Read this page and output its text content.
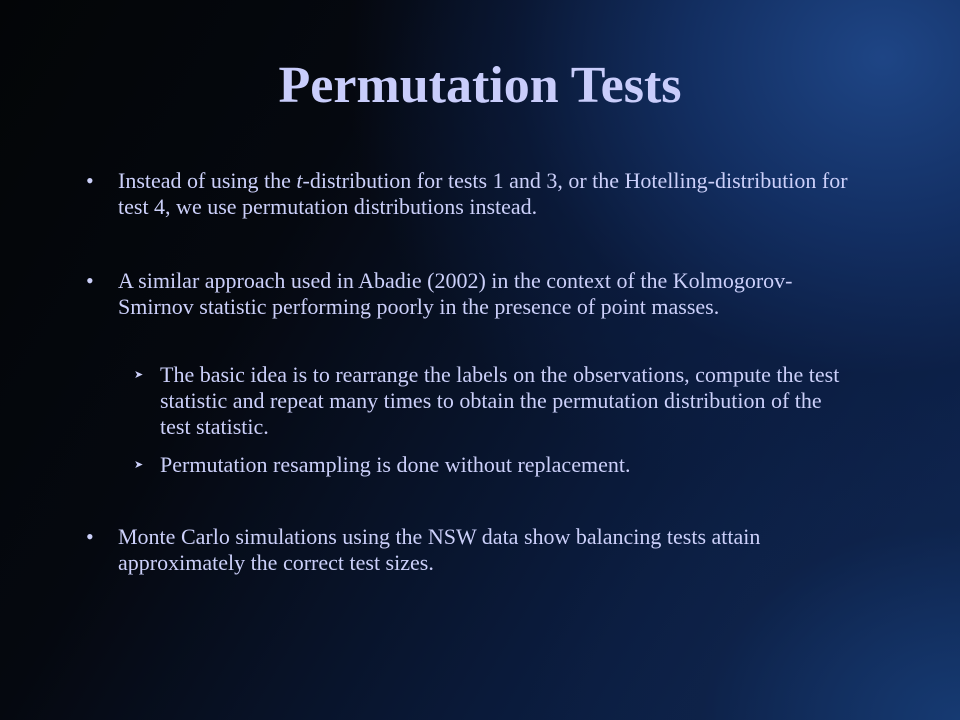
Permutation Tests
•	Instead of using the t-distribution for tests 1 and 3, or the Hotelling-distribution for test 4, we use permutation distributions instead.
•	A similar approach used in Abadie (2002) in the context of the Kolmogorov-Smirnov statistic performing poorly in the presence of point masses.
➤ The basic idea is to rearrange the labels on the observations, compute the test statistic and repeat many times to obtain the permutation distribution of the test statistic.
➤ Permutation resampling is done without replacement.
•	Monte Carlo simulations using the NSW data show balancing tests attain approximately the correct test sizes.
